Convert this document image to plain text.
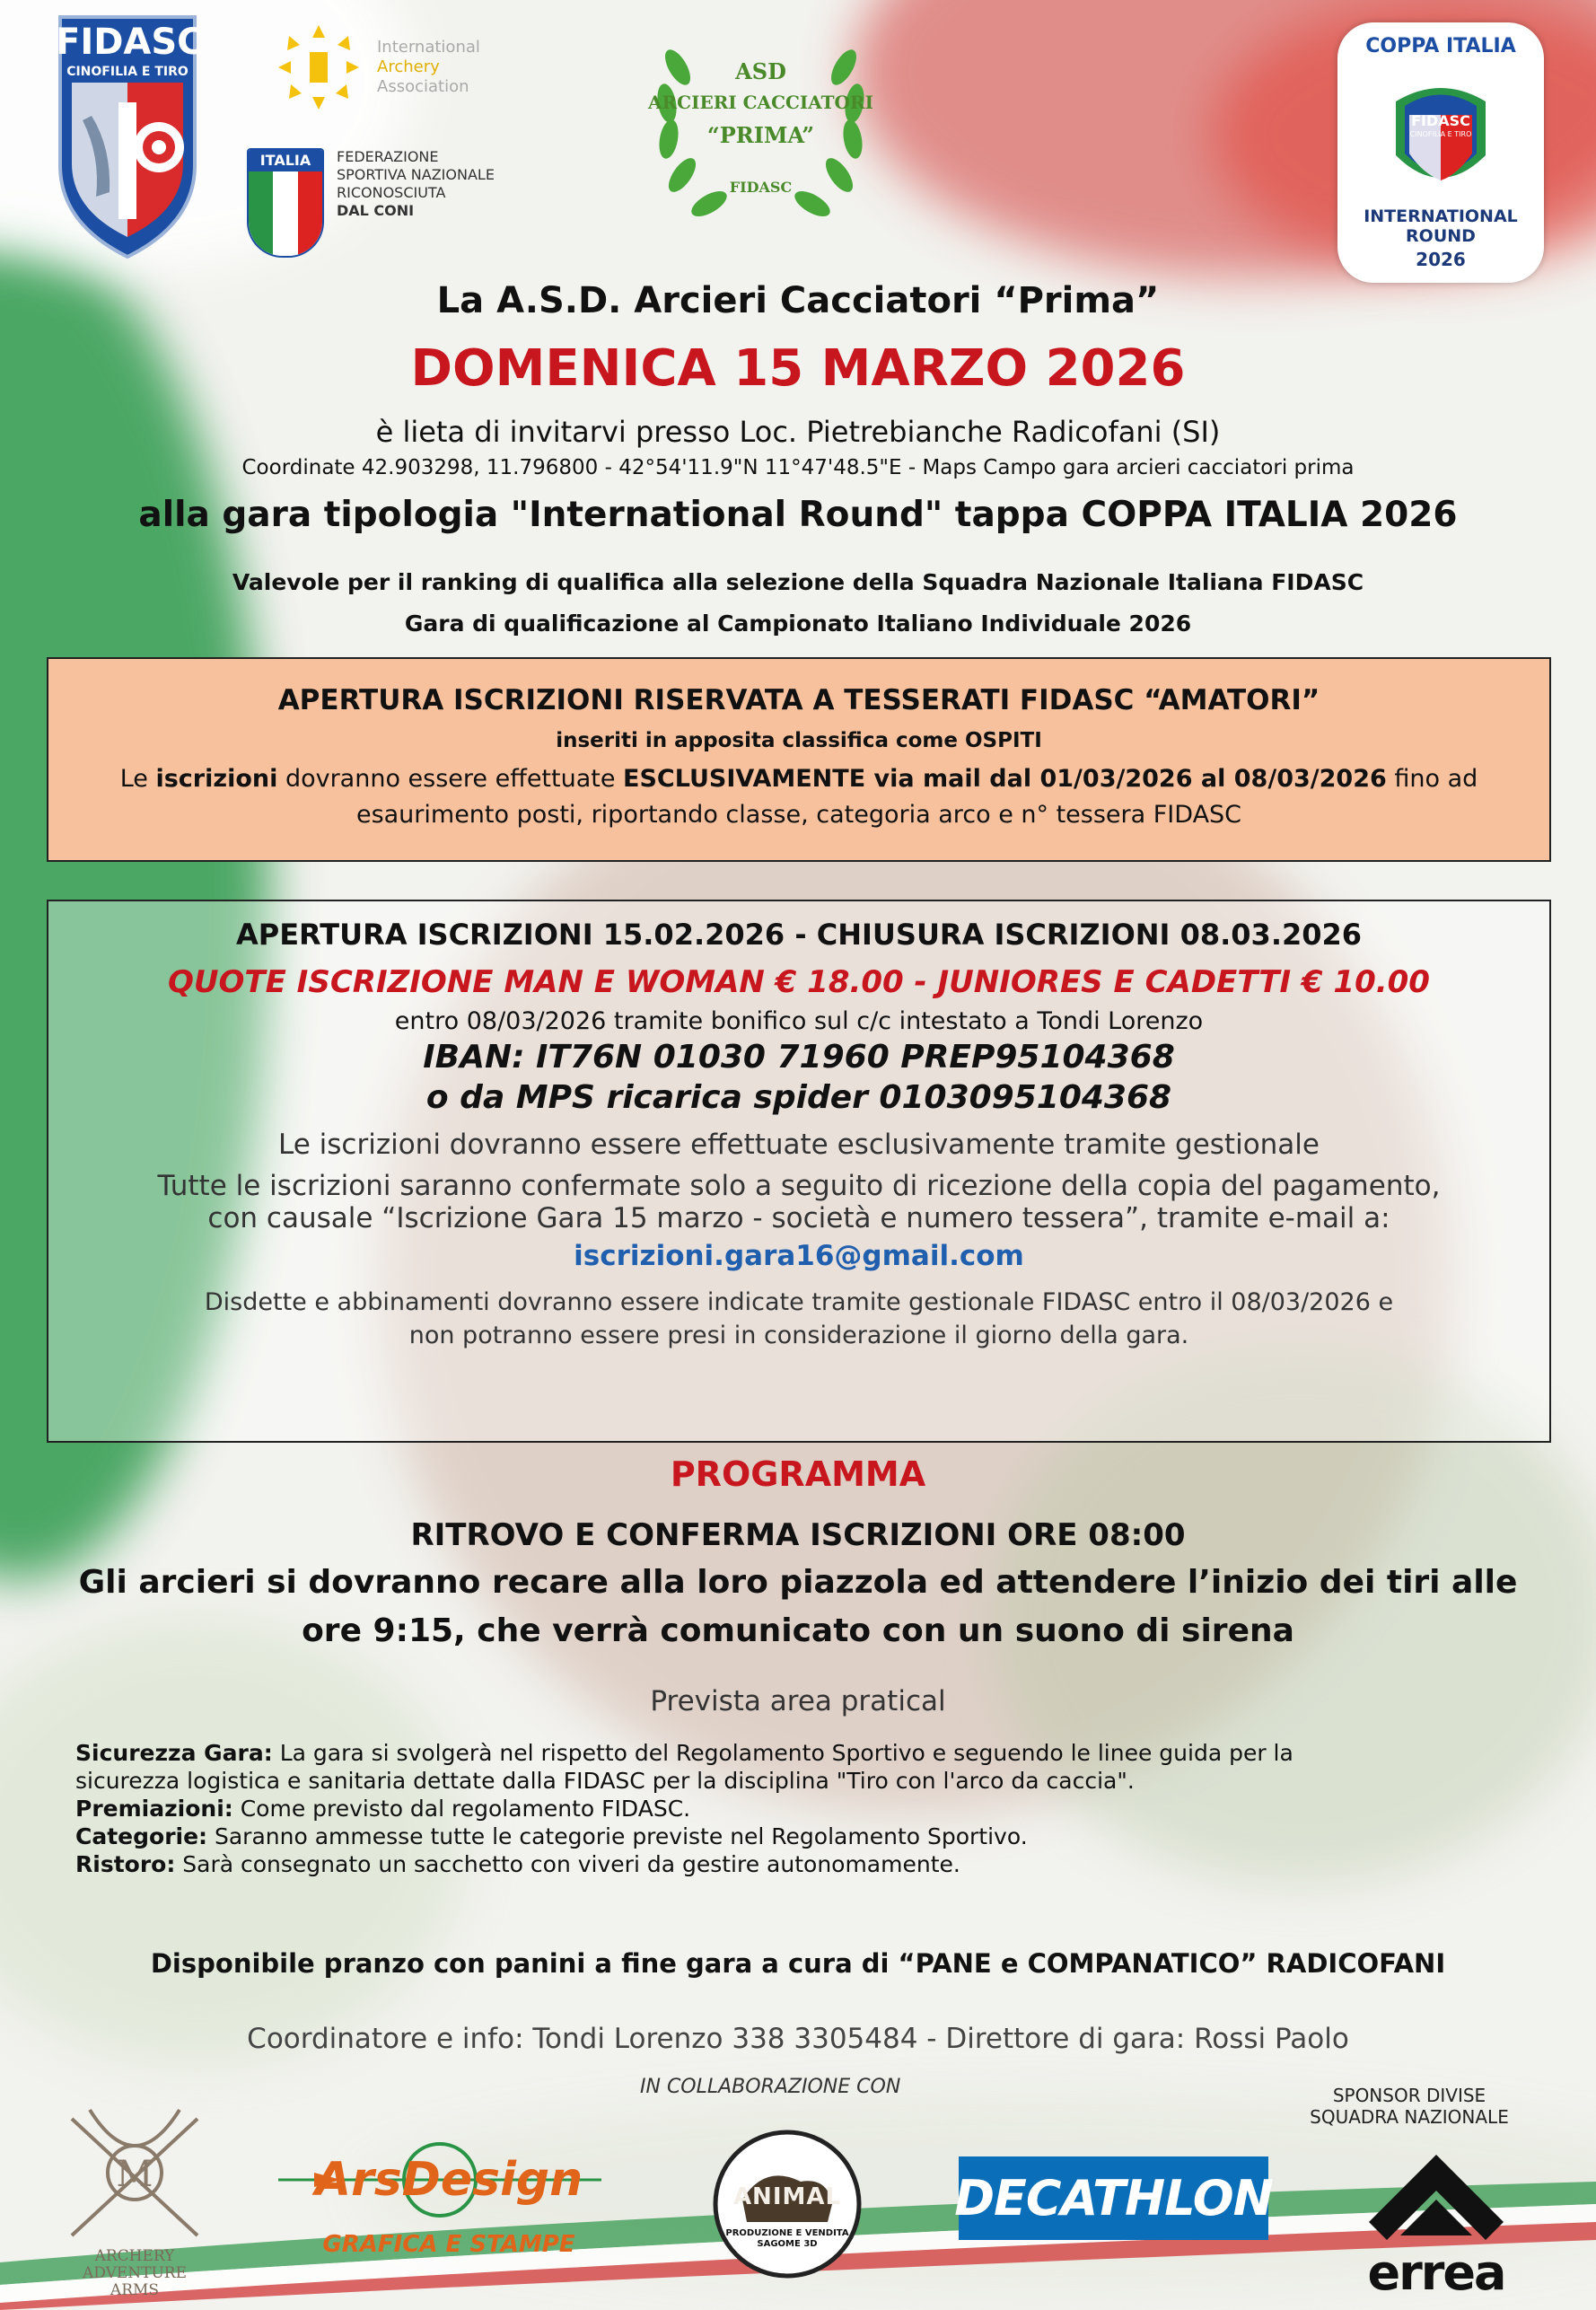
FIDASC
CINOFILIA E TIRO
International
Archery
Association
ITALIA	FEDERAZIONE
SPORTIVA NAZIONALE
RICONOSCIUTA
DAL CONI
ASD
ARCIERI CACCIATORI
“PRIMA”
FIDASC
COPPA ITALIA
FIDASC
CINOFILIA E TIRO
INTERNATIONAL
ROUND
2026
La A.S.D. Arcieri Cacciatori “Prima”
DOMENICA 15 MARZO 2026
è lieta di invitarvi presso Loc. Pietrebianche Radicofani (SI)
Coordinate 42.903298, 11.796800 - 42°54'11.9"N 11°47'48.5"E - Maps Campo gara arcieri cacciatori prima
alla gara tipologia "International Round" tappa COPPA ITALIA 2026
Valevole per il ranking di qualifica alla selezione della Squadra Nazionale Italiana FIDASC
Gara di qualificazione al Campionato Italiano Individuale 2026
APERTURA ISCRIZIONI RISERVATA A TESSERATI FIDASC “AMATORI”
inseriti in apposita classifica come OSPITI
Le iscrizioni dovranno essere effettuate ESCLUSIVAMENTE via mail dal 01/03/2026 al 08/03/2026 fino ad
esaurimento posti, riportando classe, categoria arco e n° tessera FIDASC
APERTURA ISCRIZIONI 15.02.2026 - CHIUSURA ISCRIZIONI 08.03.2026
QUOTE ISCRIZIONE MAN E WOMAN € 18.00 - JUNIORES E CADETTI € 10.00
entro 08/03/2026 tramite bonifico sul c/c intestato a Tondi Lorenzo
IBAN: IT76N 01030 71960 PREP95104368
o da MPS ricarica spider 0103095104368
Le iscrizioni dovranno essere effettuate esclusivamente tramite gestionale
Tutte le iscrizioni saranno confermate solo a seguito di ricezione della copia del pagamento,
con causale “Iscrizione Gara 15 marzo - società e numero tessera”, tramite e-mail a:
iscrizioni.gara16@gmail.com
Disdette e abbinamenti dovranno essere indicate tramite gestionale FIDASC entro il 08/03/2026 e
non potranno essere presi in considerazione il giorno della gara.
PROGRAMMA
RITROVO E CONFERMA ISCRIZIONI ORE 08:00
Gli arcieri si dovranno recare alla loro piazzola ed attendere l’inizio dei tiri alle
ore 9:15, che verrà comunicato con un suono di sirena
Prevista area pratical
Sicurezza Gara: La gara si svolgerà nel rispetto del Regolamento Sportivo e seguendo le linee guida per la
sicurezza logistica e sanitaria dettate dalla FIDASC per la disciplina "Tiro con l'arco da caccia".
Premiazioni: Come previsto dal regolamento FIDASC.
Categorie: Saranno ammesse tutte le categorie previste nel Regolamento Sportivo.
Ristoro: Sarà consegnato un sacchetto con viveri da gestire autonomamente.
Disponibile pranzo con panini a fine gara a cura di “PANE e COMPANATICO” RADICOFANI
Coordinatore e info: Tondi Lorenzo 338 3305484 - Direttore di gara: Rossi Paolo
IN COLLABORAZIONE CON	SPONSOR DIVISE
SQUADRA NAZIONALE
M
ARCHERY
ADVENTURE
ARMS
ArsDesign
GRAFICA E STAMPE
ANIMAL
PRODUZIONE E VENDITA
SAGOME 3D
DECATHLON
errea
